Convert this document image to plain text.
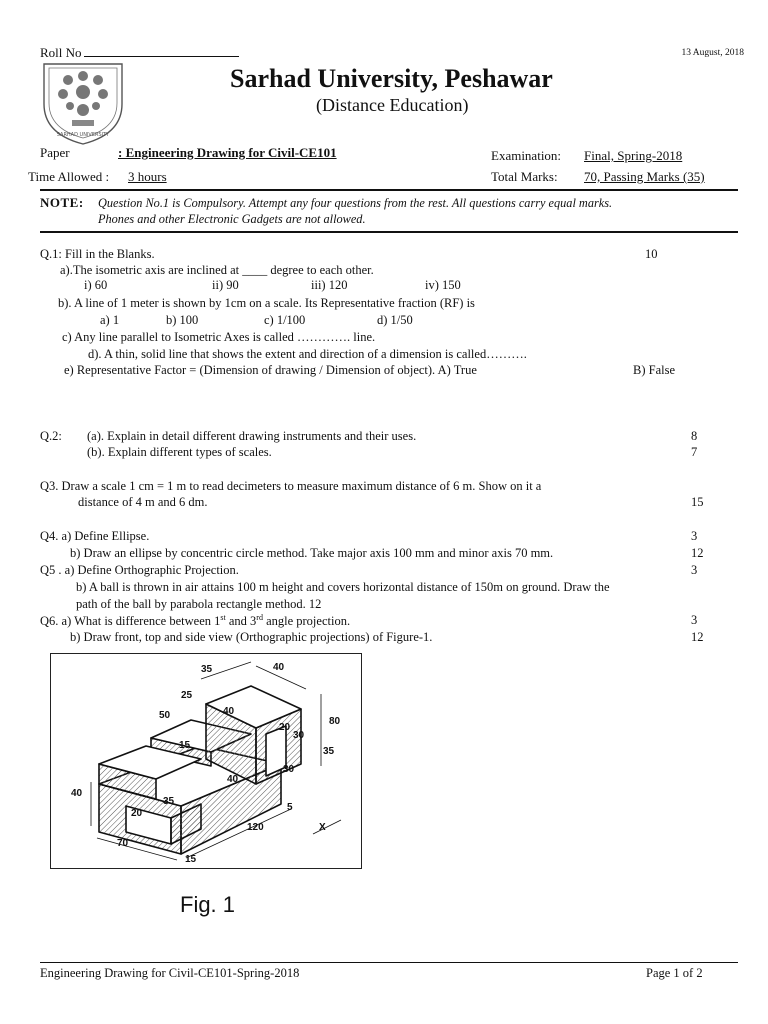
Roll No	13 August, 2018
SARHAD UNIVERSITY
Sarhad University, Peshawar
(Distance Education)
Paper	: Engineering Drawing for Civil-CE101
Time Allowed : 3 hours
Examination: Final, Spring-2018
Total Marks: 70, Passing Marks (35)
NOTE: Question No.1 is Compulsory. Attempt any four questions from the rest. All questions carry equal marks.
Phones and other Electronic Gadgets are not allowed.
Q.1: Fill in the Blanks.	10
a).The isometric axis are inclined at ____ degree to each other.
i) 60	ii) 90	iii) 120	iv) 150
b). A line of 1 meter is shown by 1cm on a scale. Its Representative fraction (RF) is
a) 1	b) 100	c) 1/100	d) 1/50
c) Any line parallel to Isometric Axes is called …………. line.
d). A thin, solid line that shows the extent and direction of a dimension is called……….
e) Representative Factor = (Dimension of drawing / Dimension of object). A) True	B) False
Q.2: (a). Explain in detail different drawing instruments and their uses.	8
(b). Explain different types of scales.	7
Q3. Draw a scale 1 cm = 1 m to read decimeters to measure maximum distance of 6 m. Show on it a
distance of 4 m and 6 dm.	15
Q4. a) Define Ellipse.	3
b) Draw an ellipse by concentric circle method. Take major axis 100 mm and minor axis 70 mm.	12
Q5 . a) Define Orthographic Projection.	3
b) A ball is thrown in air attains 100 m height and covers horizontal distance of 150m on ground. Draw the
path of the ball by parabola rectangle method. 12
Q6. a) What is difference between 1st and 3rd angle projection.	3
b) Draw front, top and side view (Orthographic projections) of Figure-1.	12
35	40
25
50	40
15
20
80
30
35
40
40
20
35
30
5
120
70
15
X
Fig. 1
Engineering Drawing for Civil-CE101-Spring-2018	Page 1 of 2
